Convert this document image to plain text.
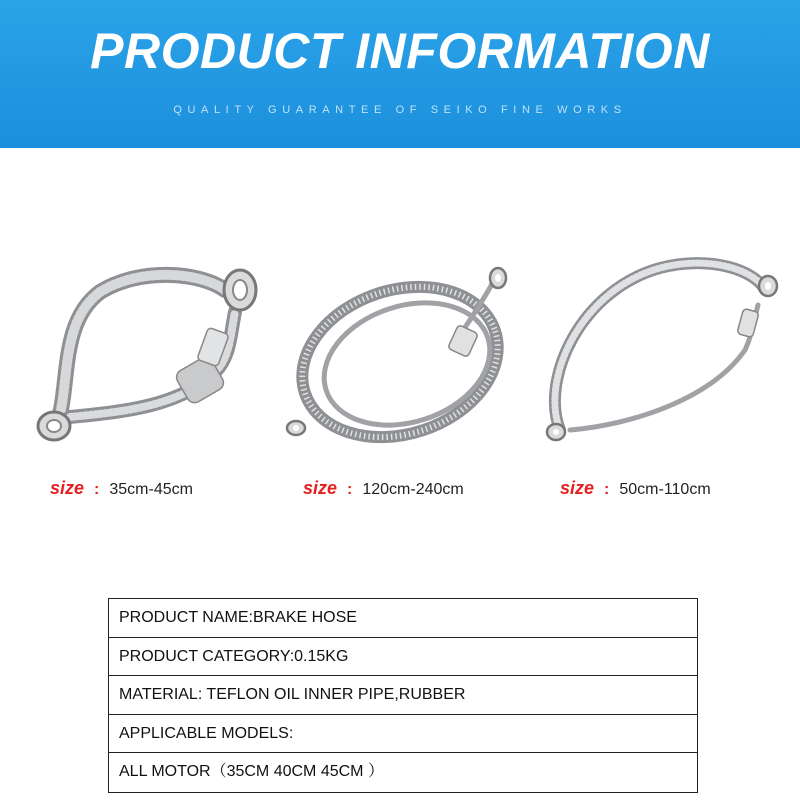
PRODUCT INFORMATION
QUALITY GUARANTEE OF SEIKO FINE WORKS
size : 35cm-45cm	size : 120cm-240cm	size : 50cm-110cm
PRODUCT NAME:BRAKE HOSE
PRODUCT CATEGORY:0.15KG
MATERIAL: TEFLON OIL INNER PIPE,RUBBER
APPLICABLE MODELS:
ALL MOTOR（35CM 40CM 45CM ）
